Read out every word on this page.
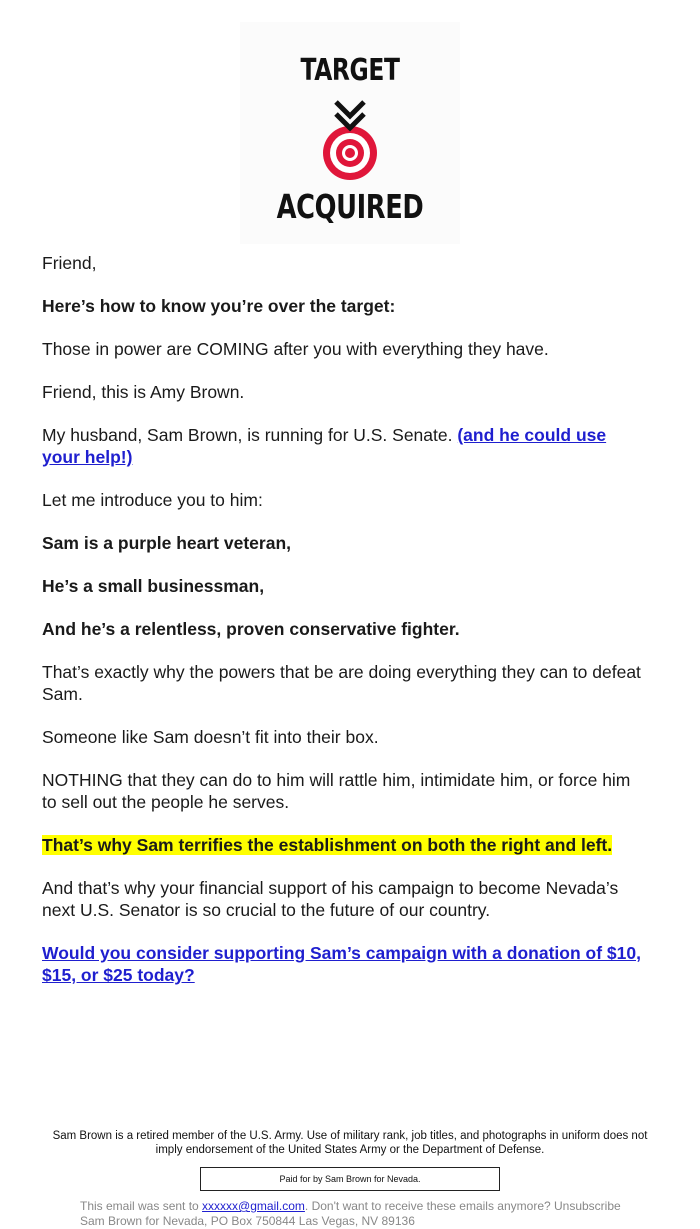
TARGET
ACQUIRED

Friend,

Here’s how to know you’re over the target:

Those in power are COMING after you with everything they have.

Friend, this is Amy Brown.

My husband, Sam Brown, is running for U.S. Senate. (and he could use your help!)

Let me introduce you to him:

Sam is a purple heart veteran,

He’s a small businessman,

And he’s a relentless, proven conservative fighter.

That’s exactly why the powers that be are doing everything they can to defeat Sam.

Someone like Sam doesn’t fit into their box.

NOTHING that they can do to him will rattle him, intimidate him, or force him to sell out the people he serves.

That’s why Sam terrifies the establishment on both the right and left.

And that’s why your financial support of his campaign to become Nevada’s next U.S. Senator is so crucial to the future of our country.

Would you consider supporting Sam’s campaign with a donation of $10, $15, or $25 today?

Sam Brown is a retired member of the U.S. Army. Use of military rank, job titles, and photographs in uniform does not imply endorsement of the United States Army or the Department of Defense.
Paid for by Sam Brown for Nevada.
This email was sent to xxxxxx@gmail.com. Don't want to receive these emails anymore? Unsubscribe
Sam Brown for Nevada, PO Box 750844 Las Vegas, NV 89136
